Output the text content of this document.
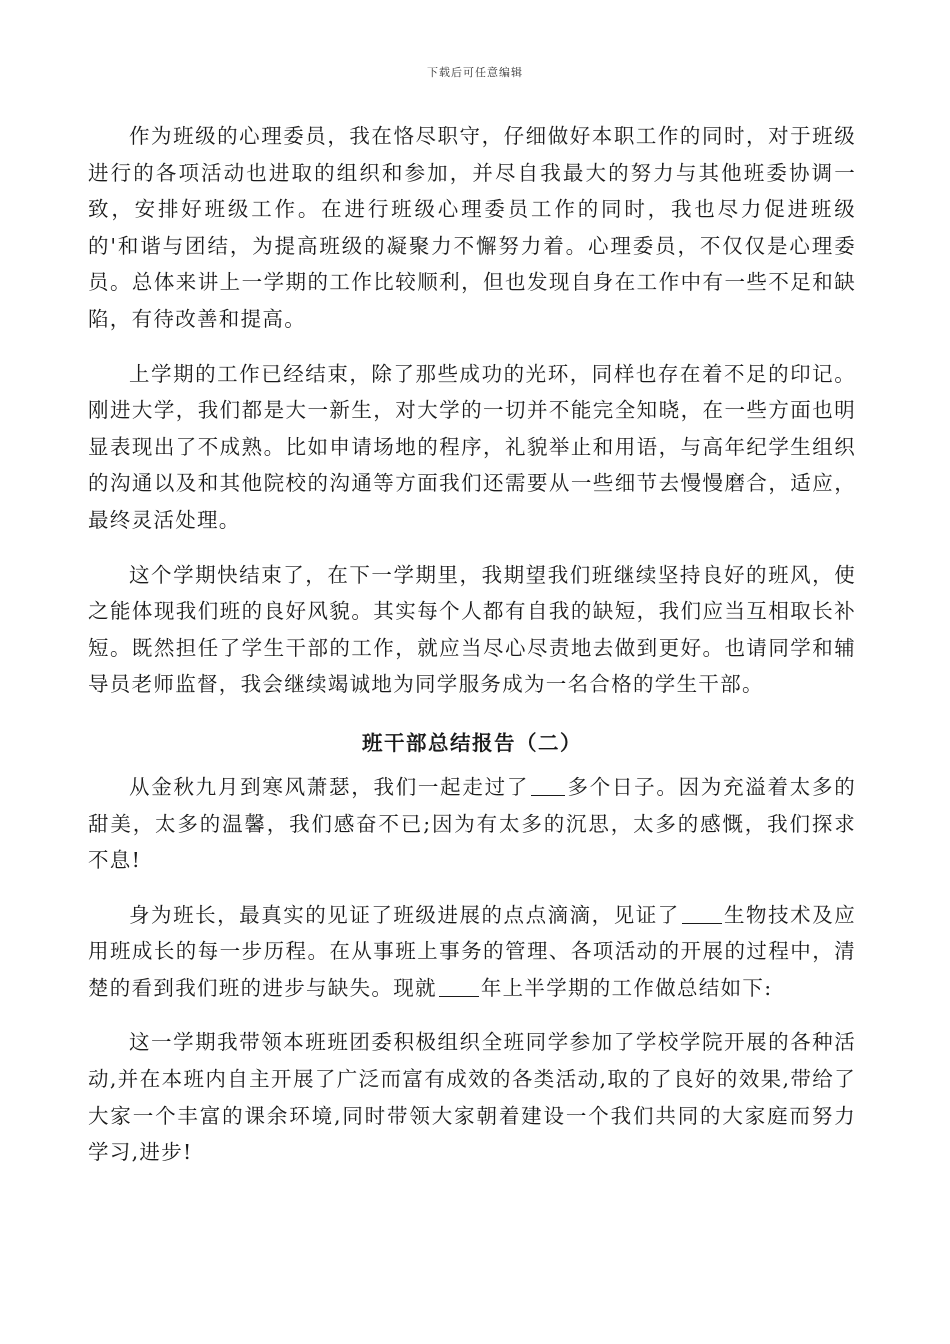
下载后可任意编辑

作为班级的心理委员，我在恪尽职守，仔细做好本职工作的同时，对于班级进行的各项活动也进取的组织和参加，并尽自我最大的努力与其他班委协调一致，安排好班级工作。在进行班级心理委员工作的同时，我也尽力促进班级的'和谐与团结，为提高班级的凝聚力不懈努力着。心理委员，不仅仅是心理委员。总体来讲上一学期的工作比较顺利，但也发现自身在工作中有一些不足和缺陷，有待改善和提高。

上学期的工作已经结束，除了那些成功的光环，同样也存在着不足的印记。刚进大学，我们都是大一新生，对大学的一切并不能完全知晓，在一些方面也明显表现出了不成熟。比如申请场地的程序，礼貌举止和用语，与高年纪学生组织的沟通以及和其他院校的沟通等方面我们还需要从一些细节去慢慢磨合，适应，最终灵活处理。

这个学期快结束了，在下一学期里，我期望我们班继续坚持良好的班风，使之能体现我们班的良好风貌。其实每个人都有自我的缺短，我们应当互相取长补短。既然担任了学生干部的工作，就应当尽心尽责地去做到更好。也请同学和辅导员老师监督，我会继续竭诚地为同学服务成为一名合格的学生干部。

班干部总结报告（二）

从金秋九月到寒风萧瑟，我们一起走过了 多个日子。因为充溢着太多的甜美，太多的温馨，我们感奋不已;因为有太多的沉思，太多的感慨，我们探求不息!

身为班长，最真实的见证了班级进展的点点滴滴，见证了 生物技术及应用班成长的每一步历程。在从事班上事务的管理、各项活动的开展的过程中，清楚的看到我们班的进步与缺失。现就 年上半学期的工作做总结如下:

这一学期我带领本班班团委积极组织全班同学参加了学校学院开展的各种活动,并在本班内自主开展了广泛而富有成效的各类活动,取的了良好的效果,带给了大家一个丰富的课余环境,同时带领大家朝着建设一个我们共同的大家庭而努力学习,进步!
